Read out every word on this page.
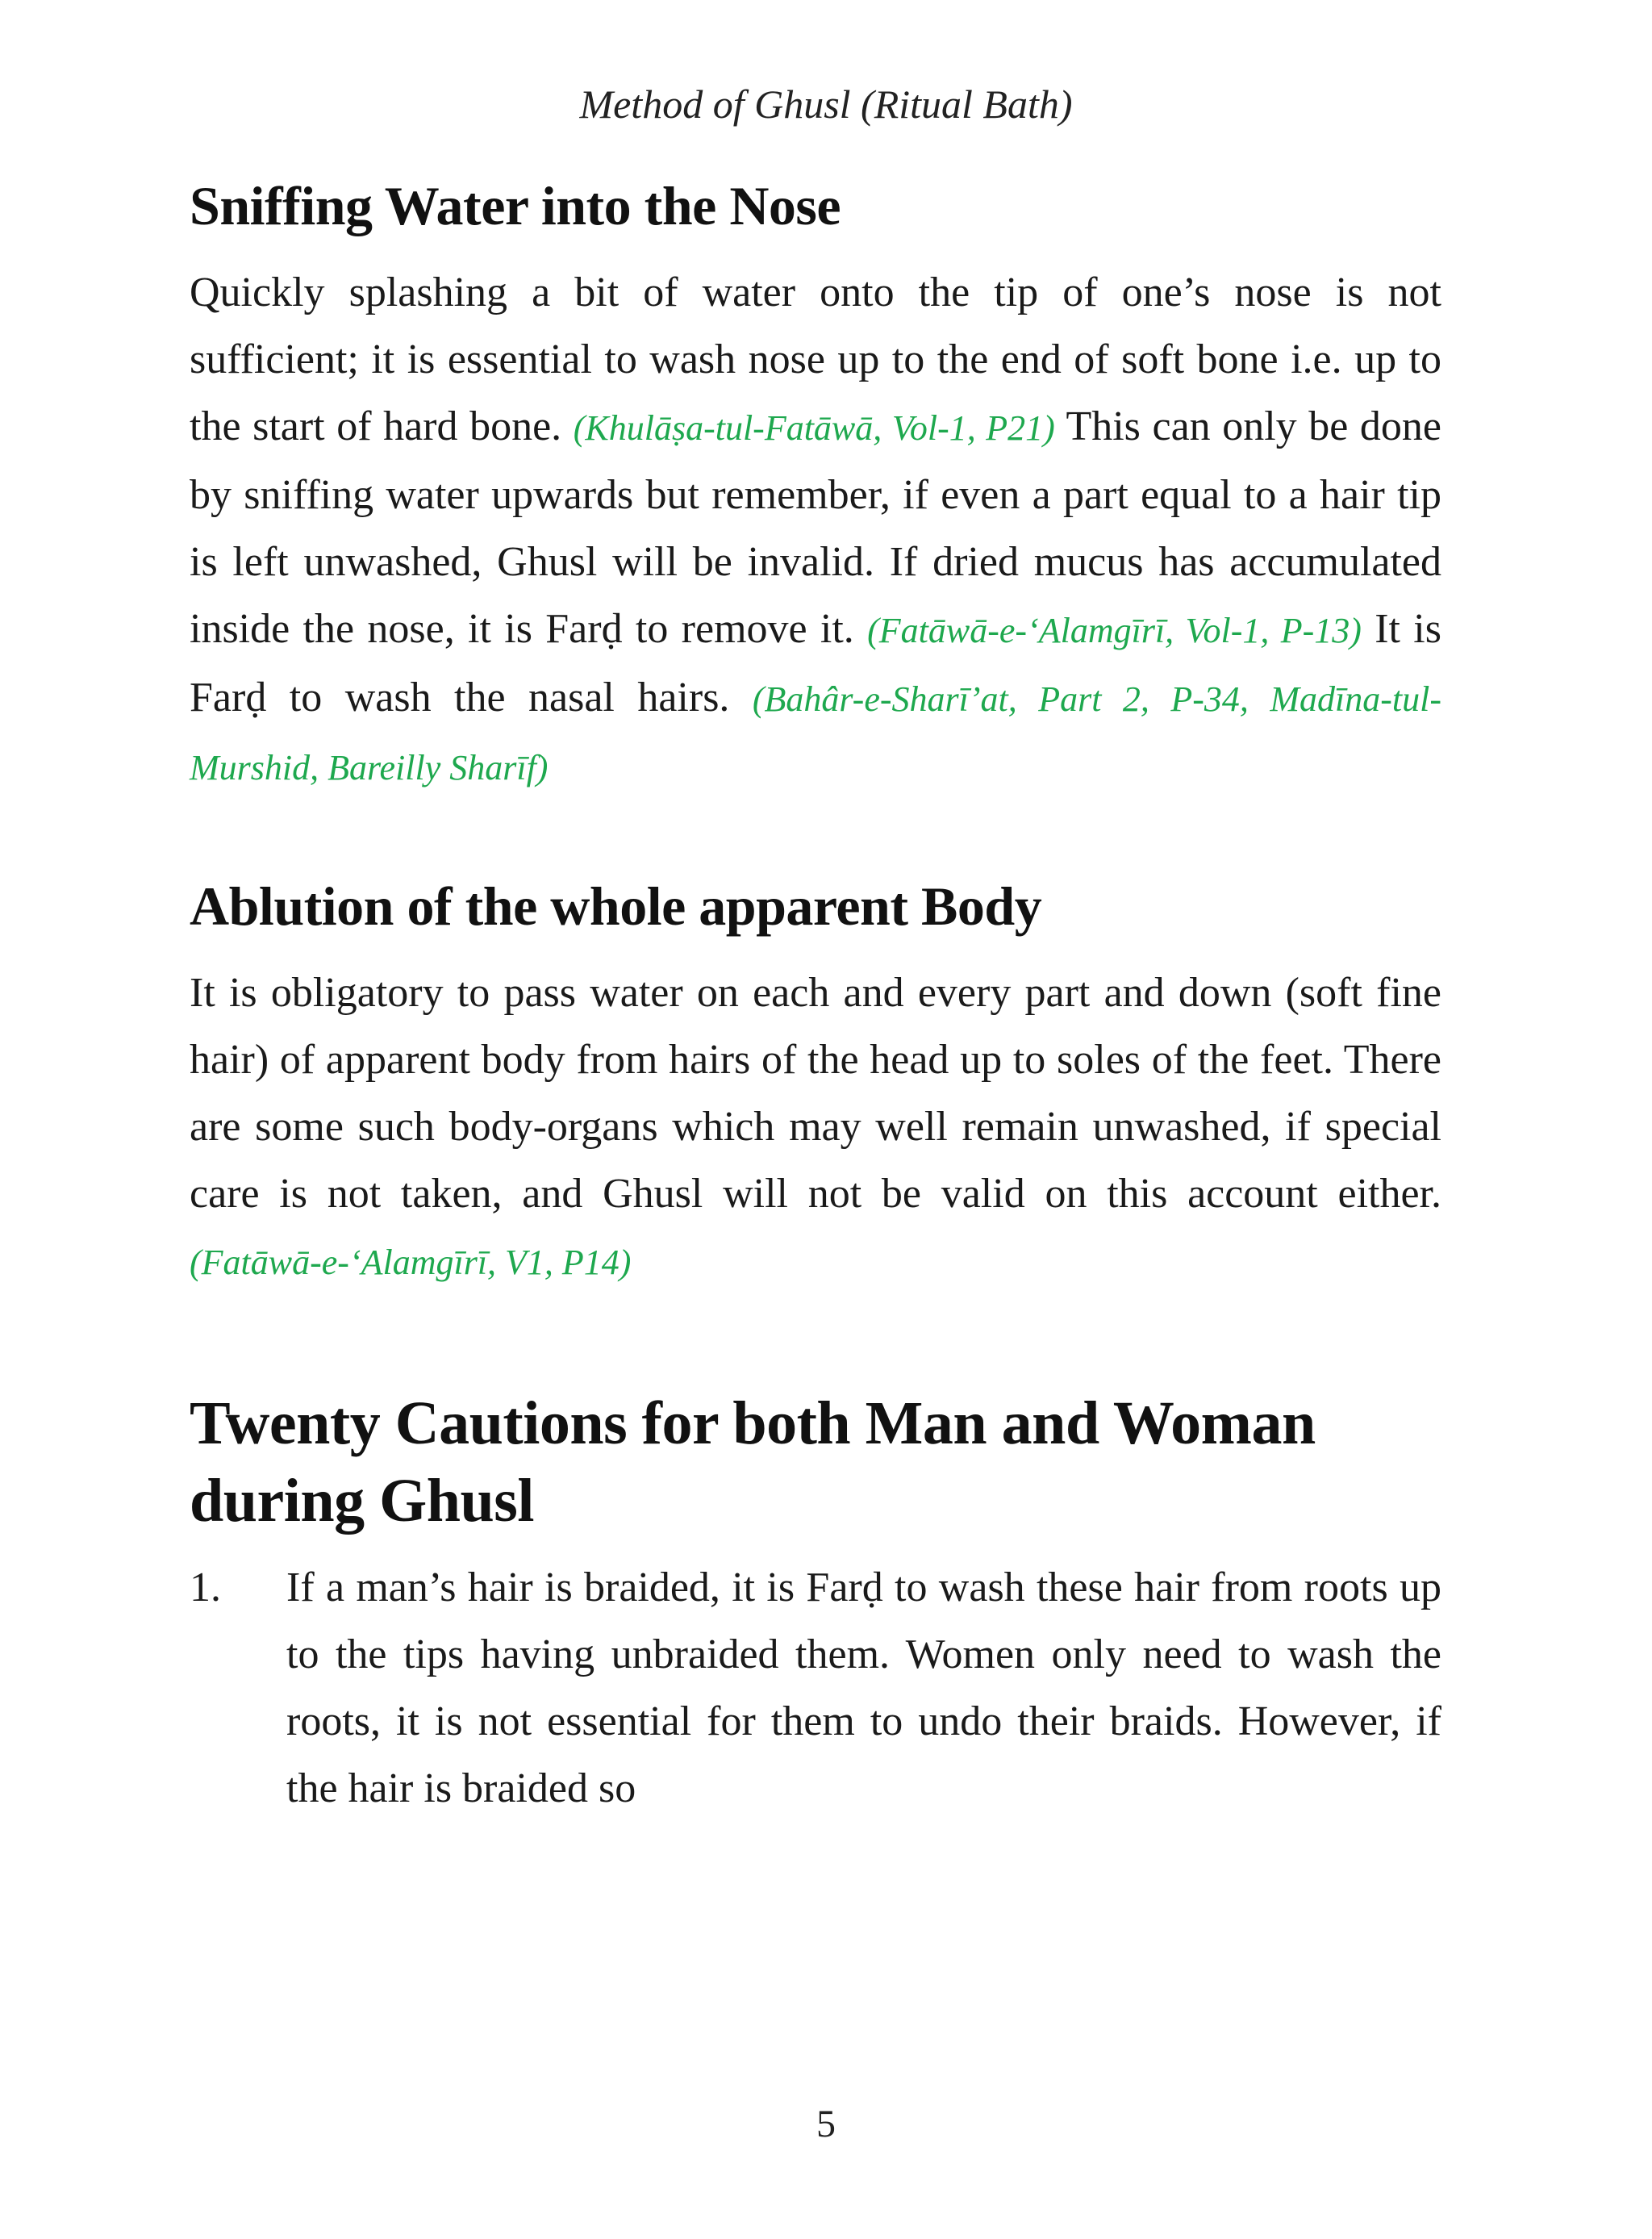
Method of Ghusl (Ritual Bath)
Sniffing Water into the Nose

Quickly splashing a bit of water onto the tip of one’s nose is not sufficient; it is essential to wash nose up to the end of soft bone i.e. up to the start of hard bone. (Khulāṣa-tul-Fatāwā, Vol-1, P21) This can only be done by sniffing water upwards but remember, if even a part equal to a hair tip is left unwashed, Ghusl will be invalid. If dried mucus has accumulated inside the nose, it is Farḍ to remove it. (Fatāwā-e-‘Alamgīrī, Vol-1, P-13) It is Farḍ to wash the nasal hairs. (Bahâr-e-Sharī’at, Part 2, P-34, Madīna-tul-Murshid, Bareilly Sharīf)

Ablution of the whole apparent Body

It is obligatory to pass water on each and every part and down (soft fine hair) of apparent body from hairs of the head up to soles of the feet. There are some such body-organs which may well remain unwashed, if special care is not taken, and Ghusl will not be valid on this account either. (Fatāwā-e-‘Alamgīrī, V1, P14)

Twenty Cautions for both Man and Woman
during Ghusl
1.	If a man’s hair is braided, it is Farḍ to wash these hair from roots up to the tips having unbraided them. Women only need to wash the roots, it is not essential for them to undo their braids. However, if the hair is braided so
5
